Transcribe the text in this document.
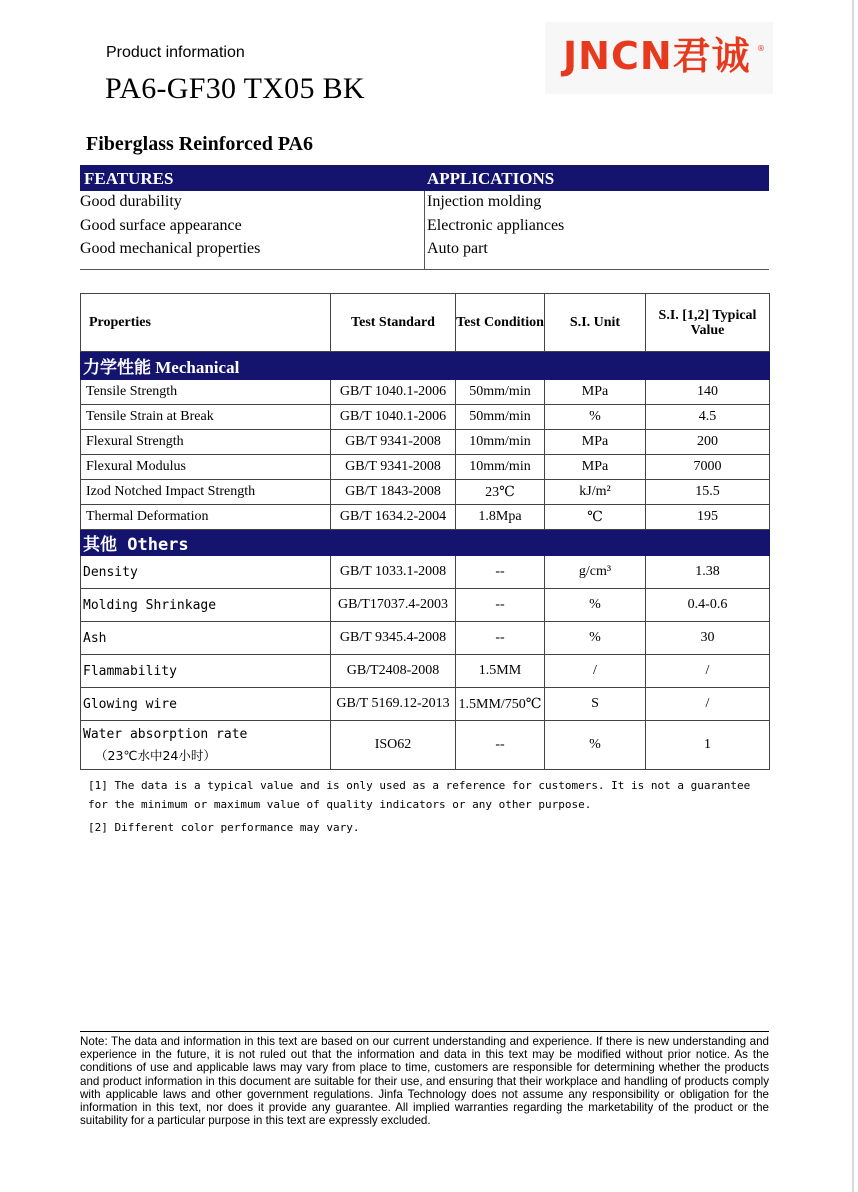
Product information
PA6-GF30 TX05 BK
JNCN君诚 ®
Fiberglass Reinforced PA6
FEATURES	APPLICATIONS
Good durability	Injection molding
Good surface appearance	Electronic appliances
Good mechanical properties	Auto part
Properties	Test Standard	Test Condition	S.I. Unit	S.I. [1,2] Typical Value
力学性能 Mechanical				
Tensile Strength	GB/T 1040.1-2006	50mm/min	MPa	140
Tensile Strain at Break	GB/T 1040.1-2006	50mm/min	%	4.5
Flexural Strength	GB/T 9341-2008	10mm/min	MPa	200
Flexural Modulus	GB/T 9341-2008	10mm/min	MPa	7000
Izod Notched Impact Strength	GB/T 1843-2008	23℃	kJ/m²	15.5
Thermal Deformation	GB/T 1634.2-2004	1.8Mpa	℃	195
其他 Others				
Density	GB/T 1033.1-2008	--	g/cm³	1.38
Molding Shrinkage	GB/T17037.4-2003	--	%	0.4-0.6
Ash	GB/T 9345.4-2008	--	%	30
Flammability	GB/T2408-2008	1.5MM	/	/
Glowing wire	GB/T 5169.12-2013	1.5MM/750℃	S	/
Water absorption rate
（23℃水中24小时）	ISO62	--	%	1

[1] The data is a typical value and is only used as a reference for customers. It is not a guarantee for the minimum or maximum value of quality indicators or any other purpose.

[2] Different color performance may vary.

Note: The data and information in this text are based on our current understanding and experience. If there is new understanding and experience in the future, it is not ruled out that the information and data in this text may be modified without prior notice. As the conditions of use and applicable laws may vary from place to time, customers are responsible for determining whether the products and product information in this document are suitable for their use, and ensuring that their workplace and handling of products comply with applicable laws and other government regulations. Jinfa Technology does not assume any responsibility or obligation for the information in this text, nor does it provide any guarantee. All implied warranties regarding the marketability of the product or the suitability for a particular purpose in this text are expressly excluded.
